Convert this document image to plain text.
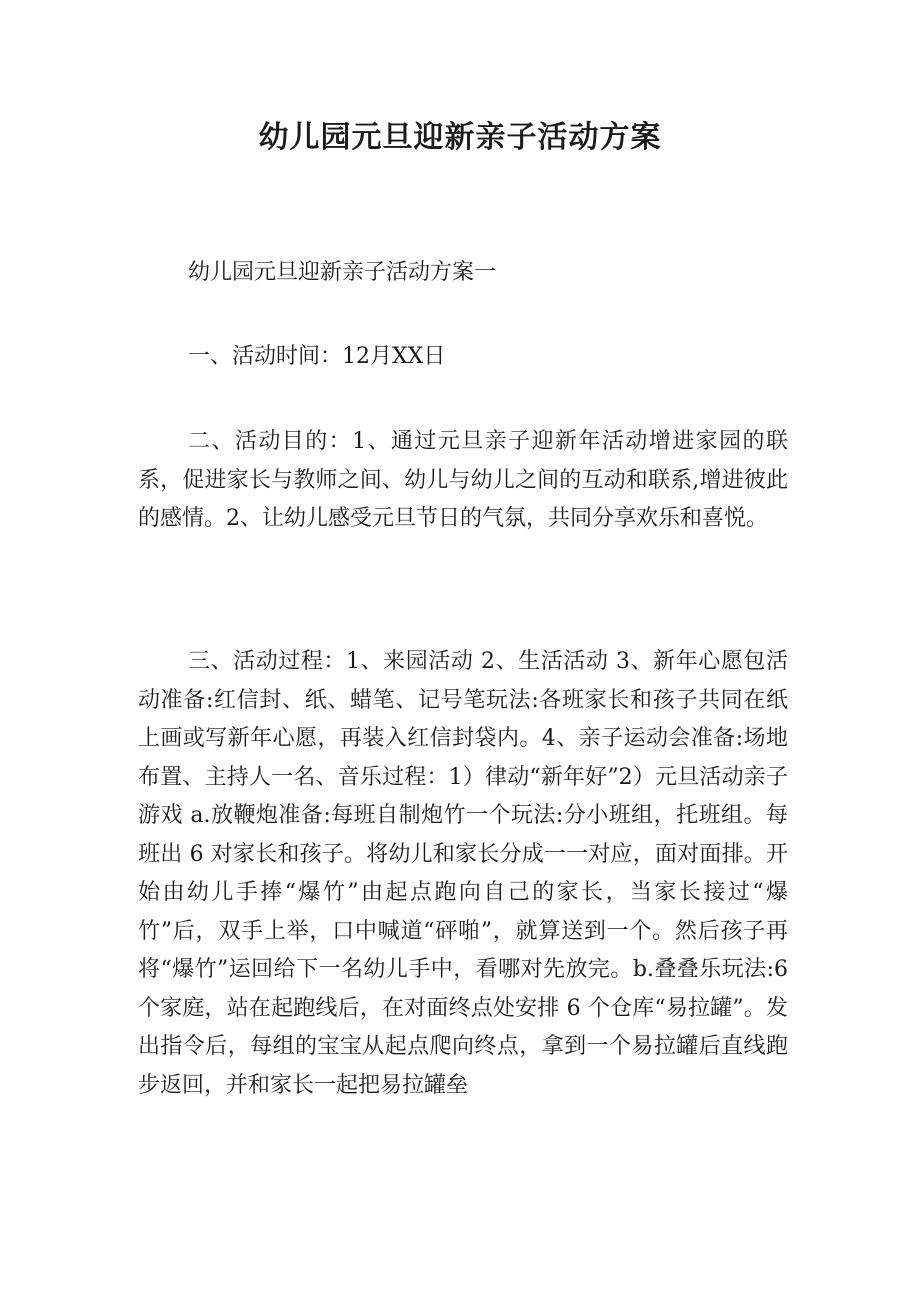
幼儿园元旦迎新亲子活动方案

幼儿园元旦迎新亲子活动方案一

一、活动时间：12月XX日

二、活动目的：1、通过元旦亲子迎新年活动增进家园的联系，促进家长与教师之间、幼儿与幼儿之间的互动和联系,增进彼此的感情。2、让幼儿感受元旦节日的气氛，共同分享欢乐和喜悦。

三、活动过程：1、来园活动 2、生活活动 3、新年心愿包活动准备:红信封、纸、蜡笔、记号笔玩法:各班家长和孩子共同在纸上画或写新年心愿，再装入红信封袋内。4、亲子运动会准备:场地布置、主持人一名、音乐过程：1）律动“新年好”2）元旦活动亲子游戏 a.放鞭炮准备:每班自制炮竹一个玩法:分小班组，托班组。每班出 6 对家长和孩子。将幼儿和家长分成一一对应，面对面排。开始由幼儿手捧“爆竹”由起点跑向自己的家长，当家长接过“爆竹”后，双手上举，口中喊道“砰啪”，就算送到一个。然后孩子再将“爆竹”运回给下一名幼儿手中，看哪对先放完。b.叠叠乐玩法:6 个家庭，站在起跑线后，在对面终点处安排 6 个仓库“易拉罐”。发出指令后，每组的宝宝从起点爬向终点，拿到一个易拉罐后直线跑步返回，并和家长一起把易拉罐垒
